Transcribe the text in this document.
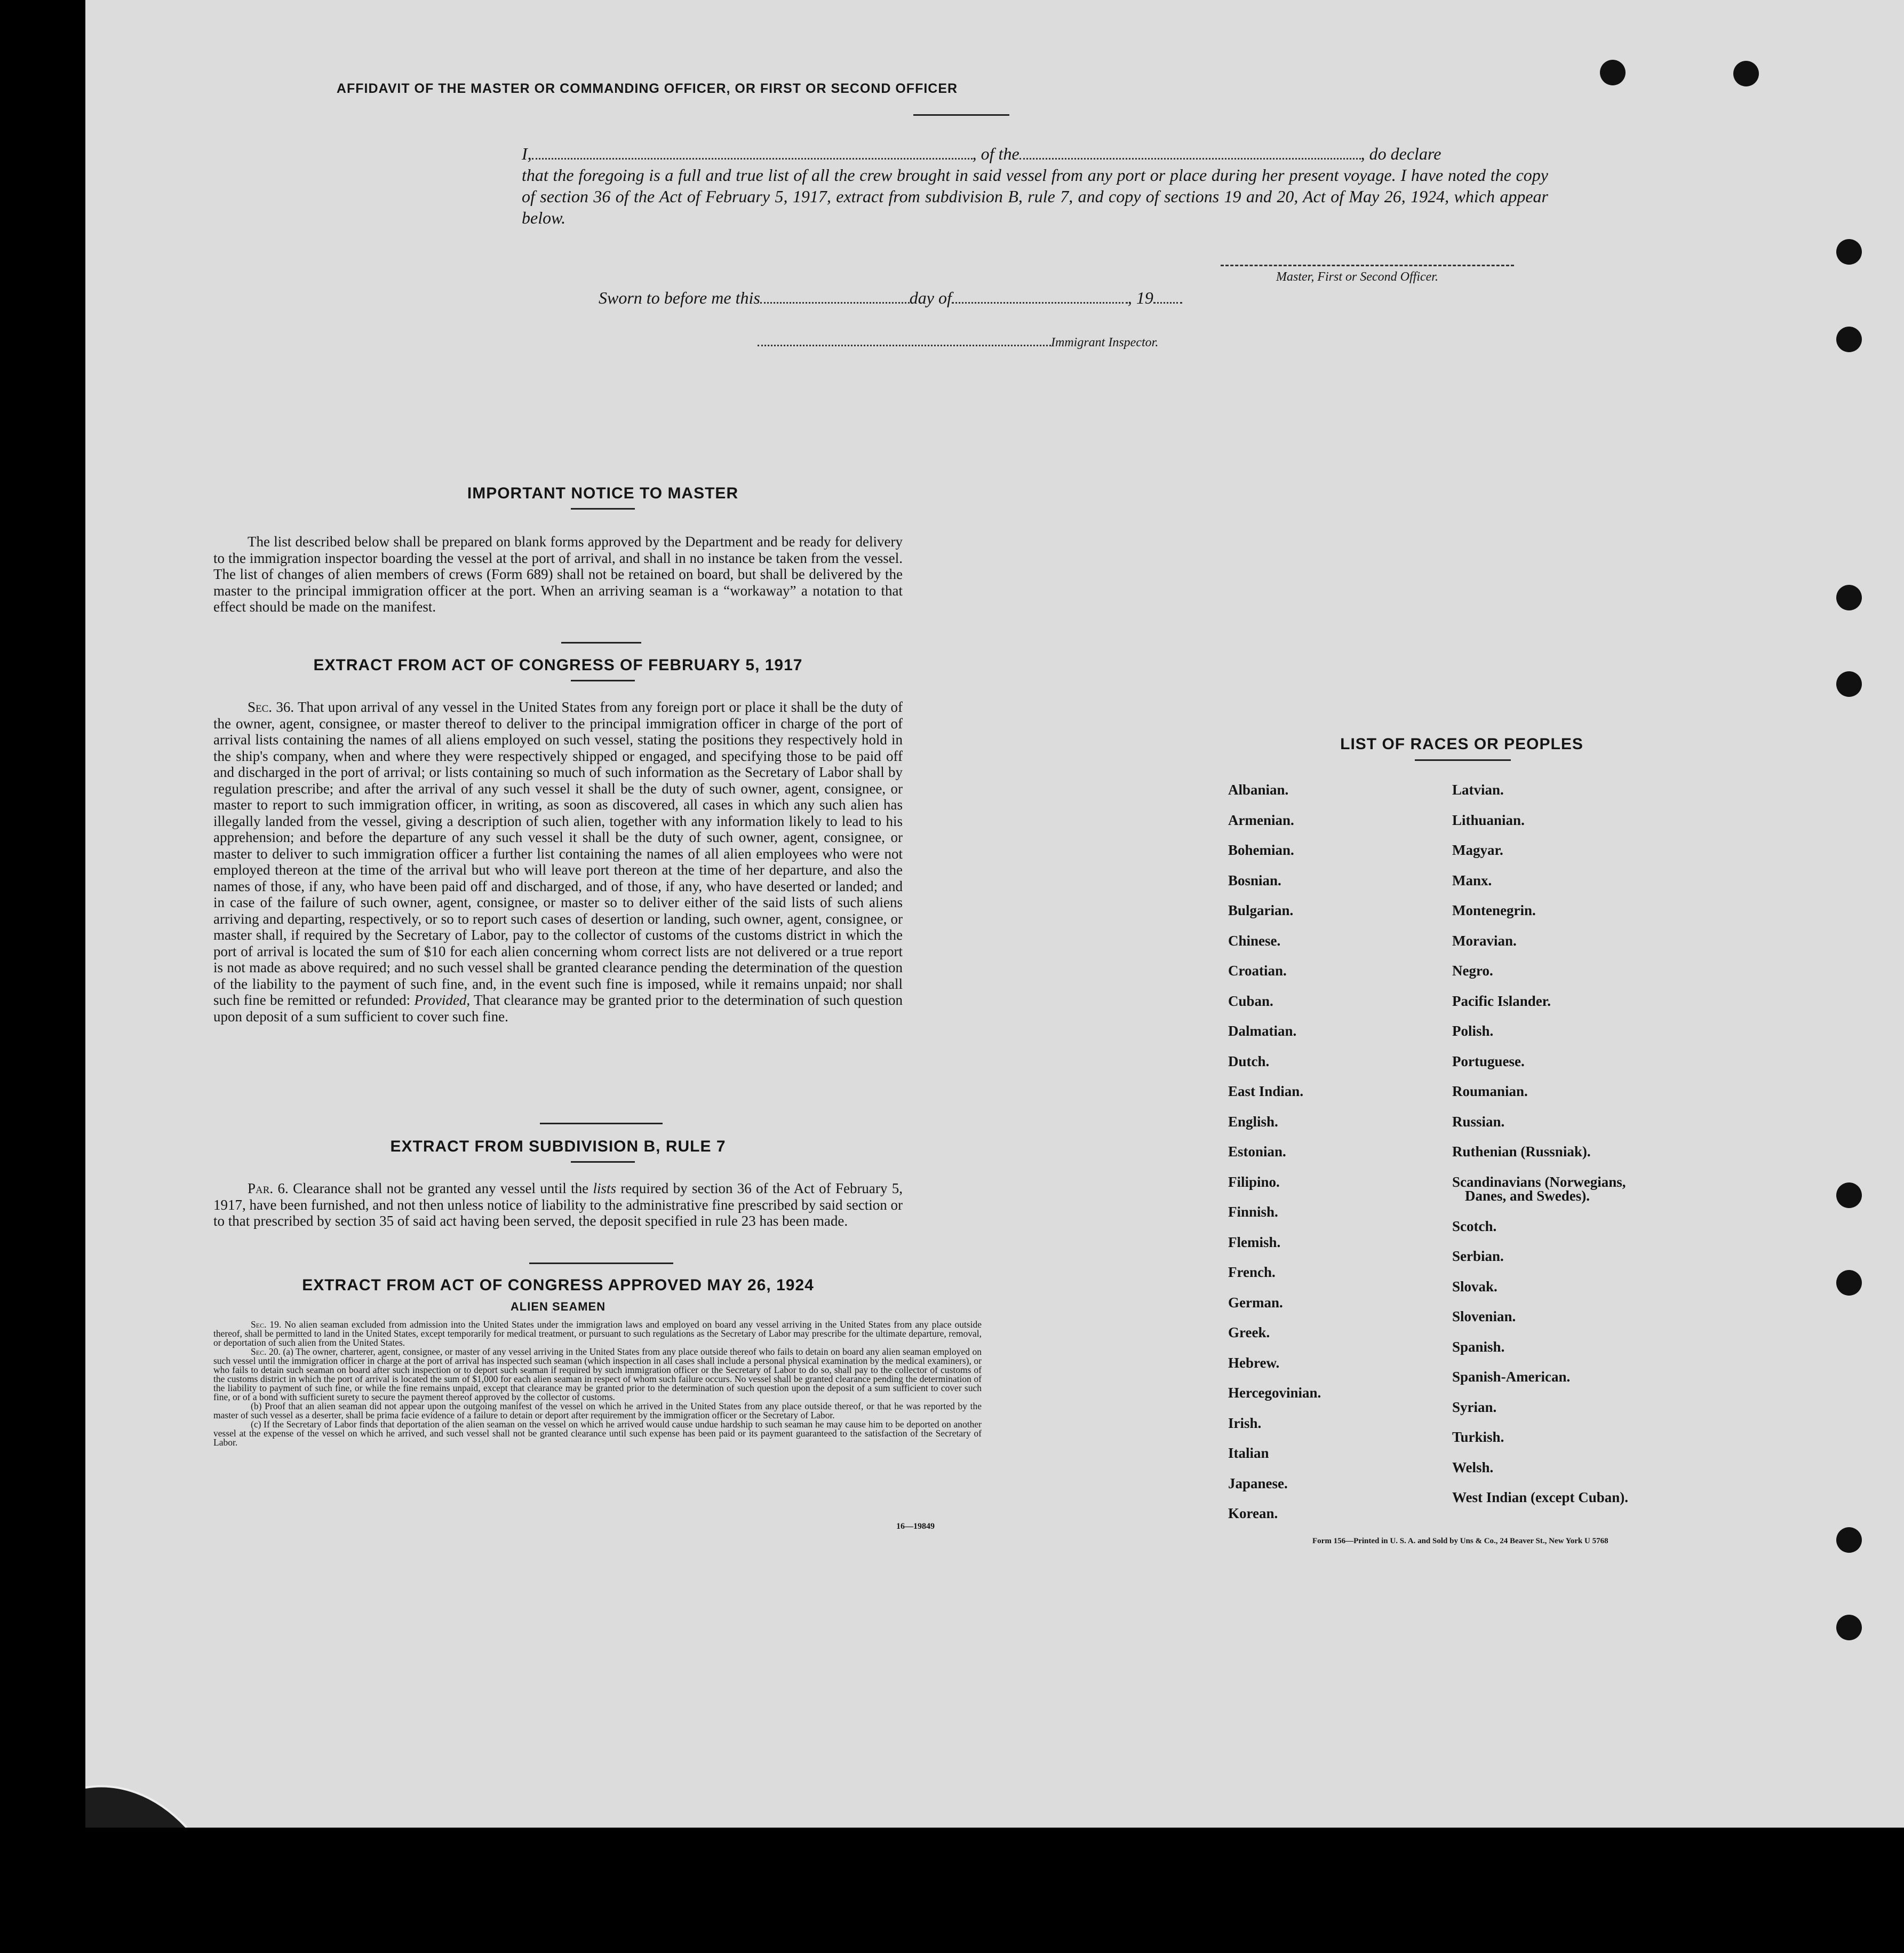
AFFIDAVIT OF THE MASTER OR COMMANDING OFFICER, OR FIRST OR SECOND OFFICER
I,	, of the	, do declare
that the foregoing is a full and true list of all the crew brought in said vessel from any port or place during her present voyage. I have noted the copy of section 36 of the Act of February 5, 1917, extract from subdivision B, rule 7, and copy of sections 19 and 20, Act of May 26, 1924, which appear below.
Master, First or Second Officer.
Sworn to before me this	day of	, 19
Immigrant Inspector.
IMPORTANT NOTICE TO MASTER
The list described below shall be prepared on blank forms approved by the Department and be ready for delivery to the immigration inspector boarding the vessel at the port of arrival, and shall in no instance be taken from the vessel. The list of changes of alien members of crews (Form 689) shall not be retained on board, but shall be delivered by the master to the principal immigration officer at the port. When an arriving seaman is a “workaway” a notation to that effect should be made on the manifest.
EXTRACT FROM ACT OF CONGRESS OF FEBRUARY 5, 1917
Sec. 36. That upon arrival of any vessel in the United States from any foreign port or place it shall be the duty of the owner, agent, consignee, or master thereof to deliver to the principal immigration officer in charge of the port of arrival lists containing the names of all aliens employed on such vessel, stating the positions they respectively hold in the ship's company, when and where they were respectively shipped or engaged, and specifying those to be paid off and discharged in the port of arrival; or lists containing so much of such information as the Secretary of Labor shall by regulation prescribe; and after the arrival of any such vessel it shall be the duty of such owner, agent, consignee, or master to report to such immigration officer, in writing, as soon as discovered, all cases in which any such alien has illegally landed from the vessel, giving a description of such alien, together with any information likely to lead to his apprehension; and before the departure of any such vessel it shall be the duty of such owner, agent, consignee, or master to deliver to such immigration officer a further list containing the names of all alien employees who were not employed thereon at the time of the arrival but who will leave port thereon at the time of her departure, and also the names of those, if any, who have been paid off and discharged, and of those, if any, who have deserted or landed; and in case of the failure of such owner, agent, consignee, or master so to deliver either of the said lists of such aliens arriving and departing, respectively, or so to report such cases of desertion or landing, such owner, agent, consignee, or master shall, if required by the Secretary of Labor, pay to the collector of customs of the customs district in which the port of arrival is located the sum of $10 for each alien concerning whom correct lists are not delivered or a true report is not made as above required; and no such vessel shall be granted clearance pending the determination of the question of the liability to the payment of such fine, and, in the event such fine is imposed, while it remains unpaid; nor shall such fine be remitted or refunded: Provided, That clearance may be granted prior to the determination of such question upon deposit of a sum sufficient to cover such fine.
EXTRACT FROM SUBDIVISION B, RULE 7
Par. 6. Clearance shall not be granted any vessel until the lists required by section 36 of the Act of February 5, 1917, have been furnished, and not then unless notice of liability to the administrative fine prescribed by said section or to that prescribed by section 35 of said act having been served, the deposit specified in rule 23 has been made.
EXTRACT FROM ACT OF CONGRESS APPROVED MAY 26, 1924
ALIEN SEAMEN
Sec. 19. No alien seaman excluded from admission into the United States under the immigration laws and employed on board any vessel arriving in the United States from any place outside thereof, shall be permitted to land in the United States, except temporarily for medical treatment, or pursuant to such regulations as the Secretary of Labor may prescribe for the ultimate departure, removal, or deportation of such alien from the United States.
Sec. 20. (a) The owner, charterer, agent, consignee, or master of any vessel arriving in the United States from any place outside thereof who fails to detain on board any alien seaman employed on such vessel until the immigration officer in charge at the port of arrival has inspected such seaman (which inspection in all cases shall include a personal physical examination by the medical examiners), or who fails to detain such seaman on board after such inspection or to deport such seaman if required by such immigration officer or the Secretary of Labor to do so, shall pay to the collector of customs of the customs district in which the port of arrival is located the sum of $1,000 for each alien seaman in respect of whom such failure occurs. No vessel shall be granted clearance pending the determination of the liability to payment of such fine, or while the fine remains unpaid, except that clearance may be granted prior to the determination of such question upon the deposit of a sum sufficient to cover such fine, or of a bond with sufficient surety to secure the payment thereof approved by the collector of customs.
(b) Proof that an alien seaman did not appear upon the outgoing manifest of the vessel on which he arrived in the United States from any place outside thereof, or that he was reported by the master of such vessel as a deserter, shall be prima facie evidence of a failure to detain or deport after requirement by the immigration officer or the Secretary of Labor.
(c) If the Secretary of Labor finds that deportation of the alien seaman on the vessel on which he arrived would cause undue hardship to such seaman he may cause him to be deported on another vessel at the expense of the vessel on which he arrived, and such vessel shall not be granted clearance until such expense has been paid or its payment guaranteed to the satisfaction of the Secretary of Labor.
16—19849
LIST OF RACES OR PEOPLES
Albanian.
Armenian.
Bohemian.
Bosnian.
Bulgarian.
Chinese.
Croatian.
Cuban.
Dalmatian.
Dutch.
East Indian.
English.
Estonian.
Filipino.
Finnish.
Flemish.
French.
German.
Greek.
Hebrew.
Hercegovinian.
Irish.
Italian
Japanese.
Korean.
Latvian.
Lithuanian.
Magyar.
Manx.
Montenegrin.
Moravian.
Negro.
Pacific Islander.
Polish.
Portuguese.
Roumanian.
Russian.
Ruthenian (Russniak).
Scandinavians (Norwegians,
Danes, and Swedes).
Scotch.
Serbian.
Slovak.
Slovenian.
Spanish.
Spanish-American.
Syrian.
Turkish.
Welsh.
West Indian (except Cuban).
Form 156—Printed in U. S. A. and Sold by Uns & Co., 24 Beaver St., New York U 5768
